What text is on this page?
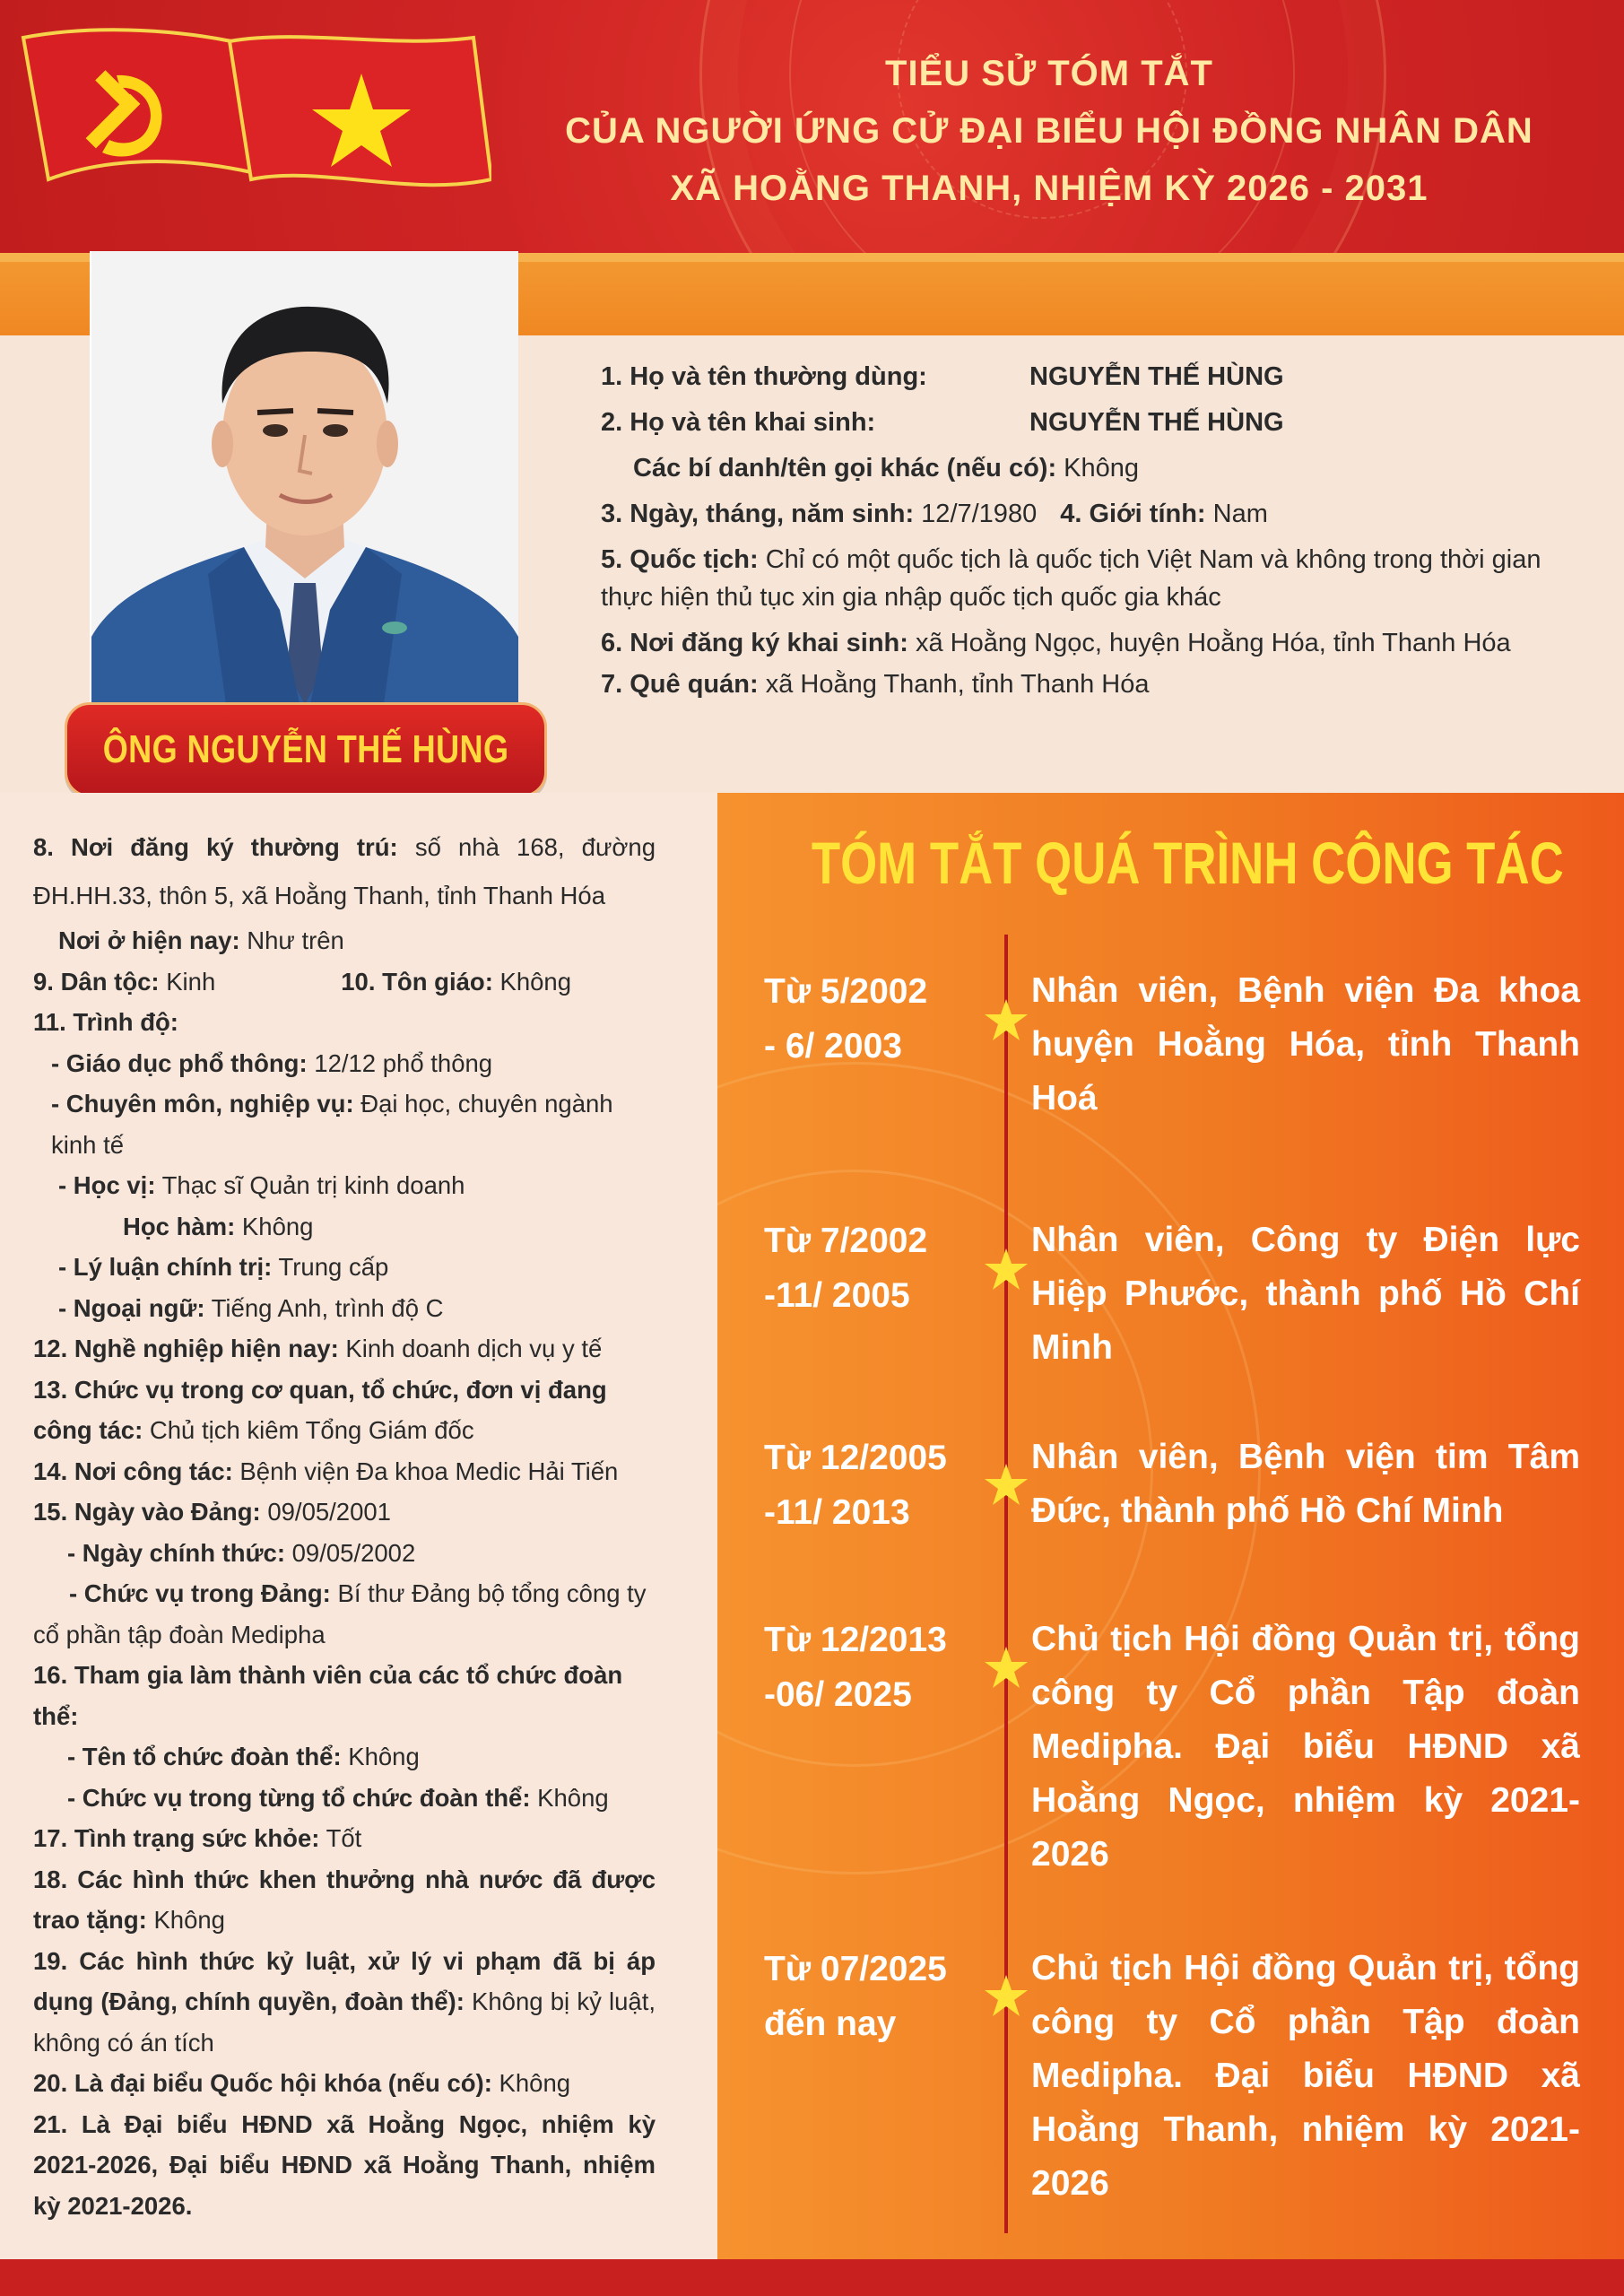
TIỂU SỬ TÓM TẮT
CỦA NGƯỜI ỨNG CỬ ĐẠI BIỂU HỘI ĐỒNG NHÂN DÂN
XÃ HOẰNG THANH, NHIỆM KỲ 2026 - 2031
ÔNG NGUYỄN THẾ HÙNG
1. Họ và tên thường dùng:	NGUYỄN THẾ HÙNG
2. Họ và tên khai sinh:	NGUYỄN THẾ HÙNG
Các bí danh/tên gọi khác (nếu có): Không
3. Ngày, tháng, năm sinh: 12/7/1980 4. Giới tính: Nam
5. Quốc tịch: Chỉ có một quốc tịch là quốc tịch Việt Nam và không trong thời gian thực hiện thủ tục xin gia nhập quốc tịch quốc gia khác
6. Nơi đăng ký khai sinh: xã Hoằng Ngọc, huyện Hoằng Hóa, tỉnh Thanh Hóa
7. Quê quán: xã Hoằng Thanh, tỉnh Thanh Hóa

8. Nơi đăng ký thường trú: số nhà 168, đường ĐH.HH.33, thôn 5, xã Hoằng Thanh, tỉnh Thanh Hóa

Nơi ở hiện nay: Như trên

9. Dân tộc: Kinh	10. Tôn giáo: Không

11. Trình độ:

- Giáo dục phổ thông: 12/12 phổ thông

- Chuyên môn, nghiệp vụ: Đại học, chuyên ngành kinh tế

- Học vị: Thạc sĩ Quản trị kinh doanh

Học hàm: Không

- Lý luận chính trị: Trung cấp

- Ngoại ngữ: Tiếng Anh, trình độ C

12. Nghề nghiệp hiện nay: Kinh doanh dịch vụ y tế

13. Chức vụ trong cơ quan, tổ chức, đơn vị đang công tác: Chủ tịch kiêm Tổng Giám đốc

14. Nơi công tác: Bệnh viện Đa khoa Medic Hải Tiến

15. Ngày vào Đảng: 09/05/2001

- Ngày chính thức: 09/05/2002

- Chức vụ trong Đảng: Bí thư Đảng bộ tổng công ty cổ phần tập đoàn Medipha

16. Tham gia làm thành viên của các tổ chức đoàn thể:

- Tên tổ chức đoàn thể: Không

- Chức vụ trong từng tổ chức đoàn thể: Không

17. Tình trạng sức khỏe: Tốt

18. Các hình thức khen thưởng nhà nước đã được trao tặng: Không

19. Các hình thức kỷ luật, xử lý vi phạm đã bị áp dụng (Đảng, chính quyền, đoàn thể): Không bị kỷ luật, không có án tích

20. Là đại biểu Quốc hội khóa (nếu có): Không

21. Là Đại biểu HĐND xã Hoằng Ngọc, nhiệm kỳ 2021-2026, Đại biểu HĐND xã Hoằng Thanh, nhiệm kỳ 2021-2026.

TÓM TẮT QUÁ TRÌNH CÔNG TÁC
Từ 5/2002
- 6/ 2003
Nhân viên, Bệnh viện Đa khoa huyện Hoằng Hóa, tỉnh Thanh Hoá
Từ 7/2002
-11/ 2005
Nhân viên, Công ty Điện lực Hiệp Phước, thành phố Hồ Chí Minh
Từ 12/2005
-11/ 2013
Nhân viên, Bệnh viện tim Tâm Đức, thành phố Hồ Chí Minh
Từ 12/2013
-06/ 2025
Chủ tịch Hội đồng Quản trị, tổng công ty Cổ phần Tập đoàn Medipha. Đại biểu HĐND xã Hoằng Ngọc, nhiệm kỳ 2021-2026
Từ 07/2025
đến nay
Chủ tịch Hội đồng Quản trị, tổng công ty Cổ phần Tập đoàn Medipha. Đại biểu HĐND xã Hoằng Thanh, nhiệm kỳ 2021-2026
